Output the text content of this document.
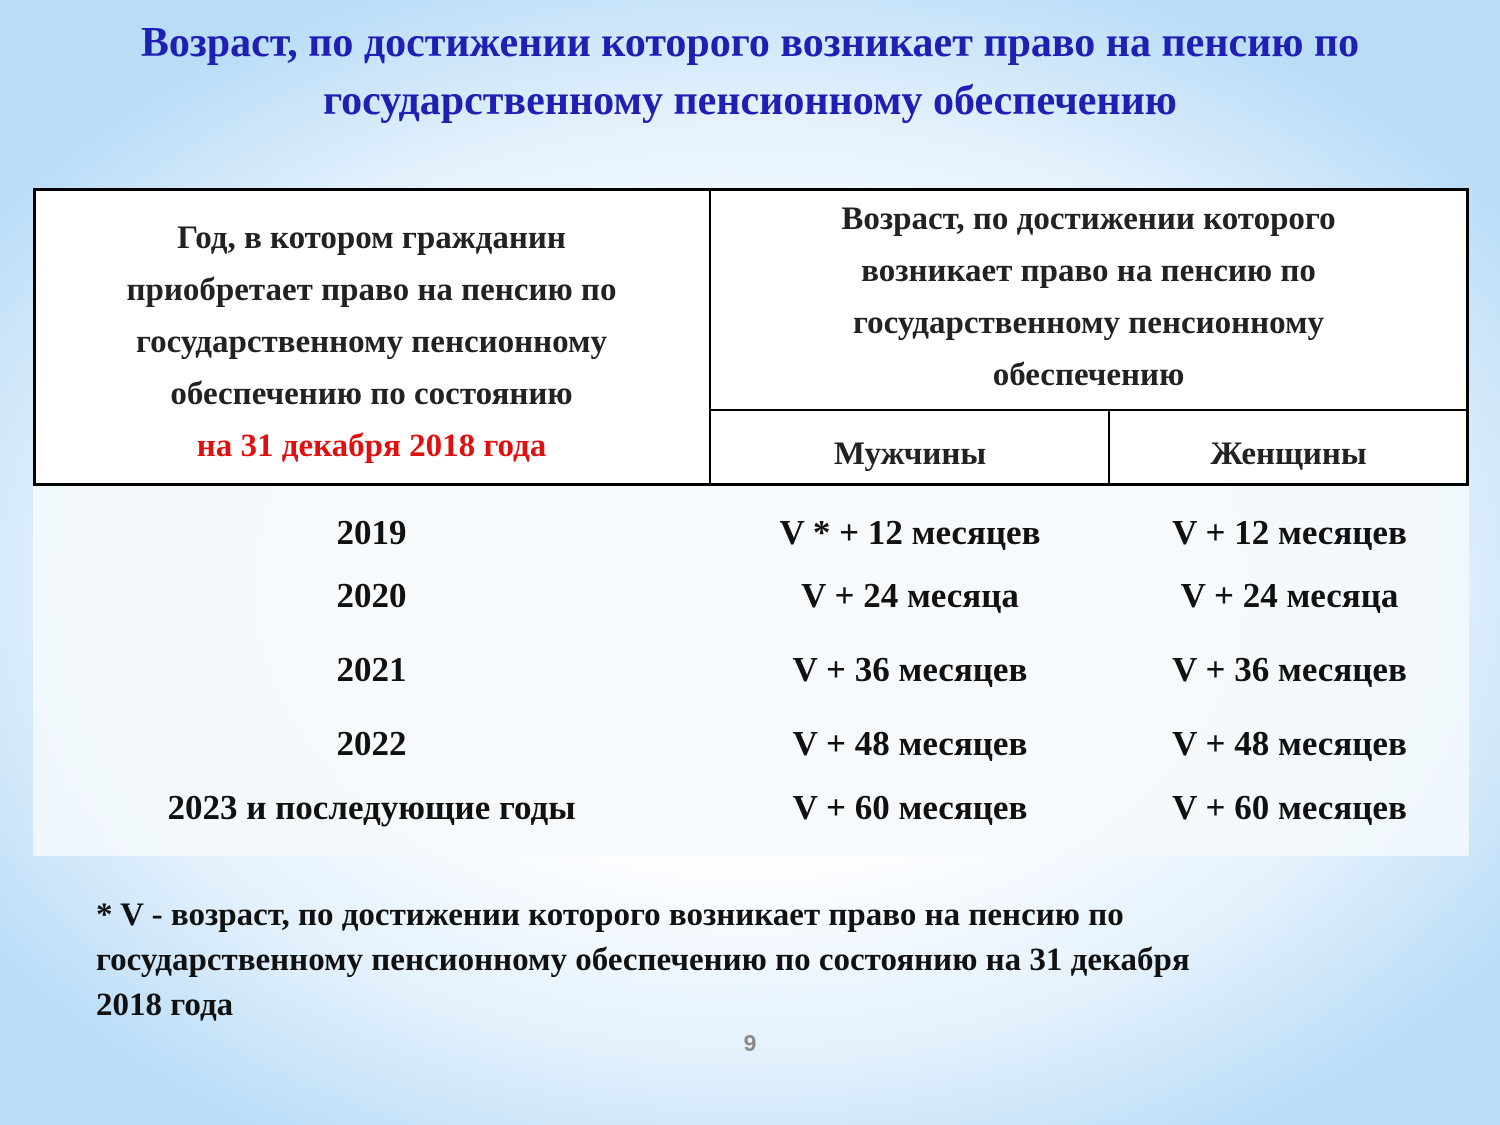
Возраст, по достижении которого возникает право на пенсию по
государственному пенсионному обеспечению
Год, в котором гражданин
приобретает право на пенсию по
государственному пенсионному
обеспечению по состоянию
на 31 декабря 2018 года
Возраст, по достижении которого
возникает право на пенсию по
государственному пенсионному
обеспечению
Мужчины	Женщины
2019	V * + 12 месяцев	V + 12 месяцев
2020	V + 24 месяца	V + 24 месяца
2021	V + 36 месяцев	V + 36 месяцев
2022	V + 48 месяцев	V + 48 месяцев
2023 и последующие годы	V + 60 месяцев	V + 60 месяцев
* V - возраст, по достижении которого возникает право на пенсию по
государственному пенсионному обеспечению по состоянию на 31 декабря
2018 года
9
